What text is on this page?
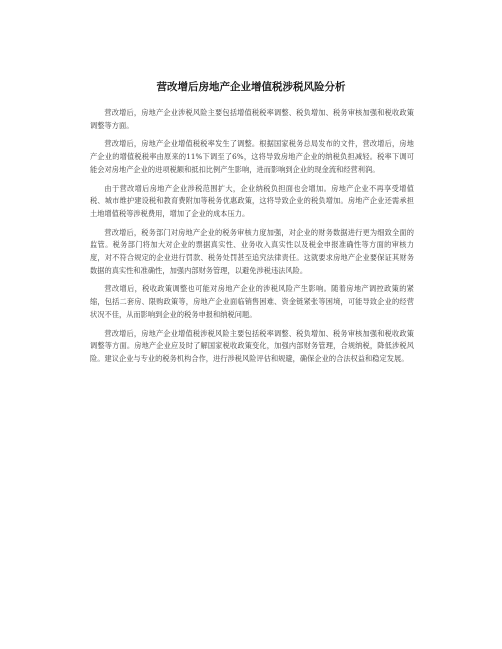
营改增后房地产企业增值税涉税风险分析

营改增后，房地产企业涉税风险主要包括增值税税率调整、税负增加、税务审核加强和税收政策调整等方面。

营改增后，房地产企业增值税税率发生了调整。根据国家税务总局发布的文件，营改增后，房地产企业的增值税税率由原来的11%下调至了6%，这将导致房地产企业的纳税负担减轻。税率下调可能会对房地产企业的进项税额和抵扣比例产生影响，进而影响到企业的现金流和经营利润。

由于营改增后房地产企业涉税范围扩大，企业纳税负担面也会增加。房地产企业不再享受增值税、城市维护建设税和教育费附加等税务优惠政策，这将导致企业的税负增加。房地产企业还需承担土地增值税等涉税费用，增加了企业的成本压力。

营改增后，税务部门对房地产企业的税务审核力度加强，对企业的财务数据进行更为细致全面的监管。税务部门将加大对企业的票据真实性、业务收入真实性以及税金申报准确性等方面的审核力度，对不符合规定的企业进行罚款、税务处罚甚至追究法律责任。这就要求房地产企业要保证其财务数据的真实性和准确性，加强内部财务管理，以避免涉税违法风险。

营改增后，税收政策调整也可能对房地产企业的涉税风险产生影响。随着房地产调控政策的紧缩，包括二套房、限购政策等，房地产企业面临销售困难、资金链紧张等困境，可能导致企业的经营状况不佳，从而影响到企业的税务申报和纳税问题。

营改增后，房地产企业增值税涉税风险主要包括税率调整、税负增加、税务审核加强和税收政策调整等方面。房地产企业应及时了解国家税收政策变化，加强内部财务管理，合规纳税，降低涉税风险。建议企业与专业的税务机构合作，进行涉税风险评估和规避，确保企业的合法权益和稳定发展。
